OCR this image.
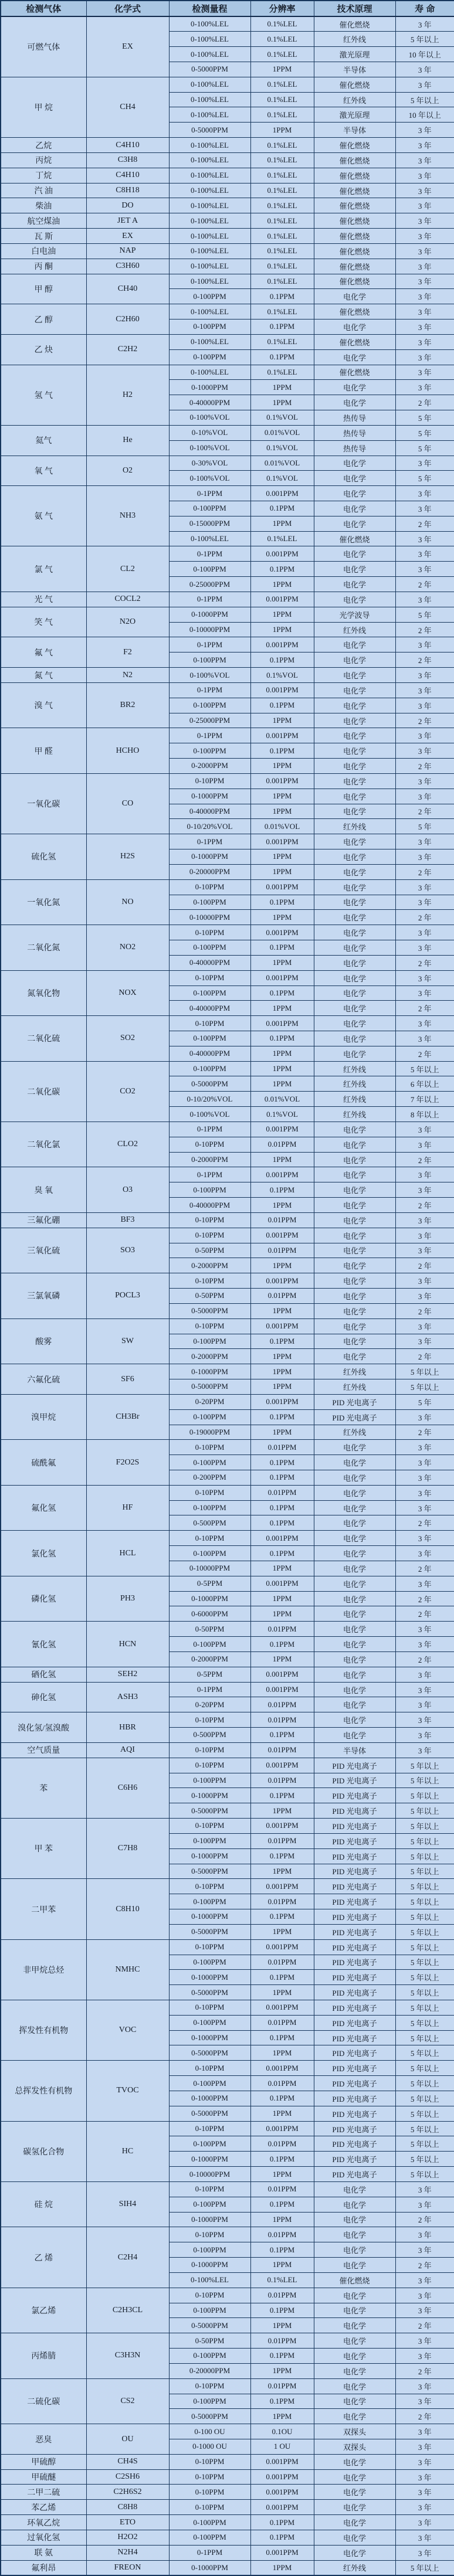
检测气体	化学式	检测量程	分辨率	技术原理	寿 命
可燃气体	EX	0-100%LEL	0.1%LEL	催化燃烧	3 年
		0-100%LEL	0.1%LEL	红外线	5 年以上
		0-100%LEL	0.1%LEL	激光原理	10 年以上
		0-5000PPM	1PPM	半导体	3 年
甲 烷	CH4	0-100%LEL	0.1%LEL	催化燃烧	3 年
		0-100%LEL	0.1%LEL	红外线	5 年以上
		0-100%LEL	0.1%LEL	激光原理	10 年以上
		0-5000PPM	1PPM	半导体	3 年
乙烷	C4H10	0-100%LEL	0.1%LEL	催化燃烧	3 年
丙烷	C3H8	0-100%LEL	0.1%LEL	催化燃烧	3 年
丁烷	C4H10	0-100%LEL	0.1%LEL	催化燃烧	3 年
汽 油	C8H18	0-100%LEL	0.1%LEL	催化燃烧	3 年
柴油	DO	0-100%LEL	0.1%LEL	催化燃烧	3 年
航空煤油	JET A	0-100%LEL	0.1%LEL	催化燃烧	3 年
瓦 斯	EX	0-100%LEL	0.1%LEL	催化燃烧	3 年
白电油	NAP	0-100%LEL	0.1%LEL	催化燃烧	3 年
丙 酮	C3H60	0-100%LEL	0.1%LEL	催化燃烧	3 年
甲 醇	CH40	0-100%LEL	0.1%LEL	催化燃烧	3 年
		0-100PPM	0.1PPM	电化学	3 年
乙 醇	C2H60	0-100%LEL	0.1%LEL	催化燃烧	3 年
		0-100PPM	0.1PPM	电化学	3 年
乙 炔	C2H2	0-100%LEL	0.1%LEL	催化燃烧	3 年
		0-100PPM	0.1PPM	电化学	3 年
氢 气	H2	0-100%LEL	0.1%LEL	催化燃烧	3 年
		0-1000PPM	1PPM	电化学	3 年
		0-40000PPM	1PPM	电化学	2 年
		0-100%VOL	0.1%VOL	热传导	5 年
氦气	He	0-10%VOL	0.01%VOL	热传导	5 年
		0-100%VOL	0.1%VOL	热传导	5 年
氧 气	O2	0-30%VOL	0.01%VOL	电化学	3 年
		0-100%VOL	0.1%VOL	电化学	5 年
氨 气	NH3	0-1PPM	0.001PPM	电化学	3 年
		0-100PPM	0.1PPM	电化学	3 年
		0-15000PPM	1PPM	电化学	2 年
		0-100%LEL	0.1%LEL	催化燃烧	3 年
氯 气	CL2	0-1PPM	0.001PPM	电化学	3 年
		0-100PPM	0.1PPM	电化学	3 年
		0-25000PPM	1PPM	电化学	2 年
光 气	COCL2	0-1PPM	0.001PPM	电化学	3 年
笑 气	N2O	0-1000PPM	1PPM	光学波导	5 年
		0-10000PPM	1PPM	红外线	2 年
氟 气	F2	0-1PPM	0.001PPM	电化学	3 年
		0-100PPM	0.1PPM	电化学	2 年
氮 气	N2	0-100%VOL	0.1%VOL	电化学	3 年
溴 气	BR2	0-1PPM	0.001PPM	电化学	3 年
		0-100PPM	0.1PPM	电化学	3 年
		0-25000PPM	1PPM	电化学	2 年
甲 醛	HCHO	0-1PPM	0.001PPM	电化学	3 年
		0-100PPM	0.1PPM	电化学	3 年
		0-2000PPM	1PPM	电化学	2 年
一氧化碳	CO	0-10PPM	0.001PPM	电化学	3 年
		0-1000PPM	1PPM	电化学	3 年
		0-40000PPM	1PPM	电化学	2 年
		0-10/20%VOL	0.01%VOL	红外线	5 年
硫化氢	H2S	0-1PPM	0.001PPM	电化学	3 年
		0-1000PPM	1PPM	电化学	3 年
		0-20000PPM	1PPM	电化学	2 年
一氧化氮	NO	0-10PPM	0.001PPM	电化学	3 年
		0-100PPM	0.1PPM	电化学	3 年
		0-10000PPM	1PPM	电化学	2 年
二氧化氮	NO2	0-10PPM	0.001PPM	电化学	3 年
		0-100PPM	0.1PPM	电化学	3 年
		0-40000PPM	1PPM	电化学	2 年
氮氧化物	NOX	0-10PPM	0.001PPM	电化学	3 年
		0-100PPM	0.1PPM	电化学	3 年
		0-40000PPM	1PPM	电化学	2 年
二氧化硫	SO2	0-10PPM	0.001PPM	电化学	3 年
		0-100PPM	0.1PPM	电化学	3 年
		0-40000PPM	1PPM	电化学	2 年
二氧化碳	CO2	0-100PPM	1PPM	红外线	5 年以上
		0-5000PPM	1PPM	红外线	6 年以上
		0-10/20%VOL	0.01%VOL	红外线	7 年以上
		0-100%VOL	0.1%VOL	红外线	8 年以上
二氧化氯	CLO2	0-1PPM	0.001PPM	电化学	3 年
		0-10PPM	0.01PPM	电化学	3 年
		0-2000PPM	1PPM	电化学	2 年
臭 氧	O3	0-1PPM	0.001PPM	电化学	3 年
		0-100PPM	0.1PPM	电化学	3 年
		0-40000PPM	1PPM	电化学	2 年
三氟化硼	BF3	0-10PPM	0.01PPM	电化学	3 年
三氧化硫	SO3	0-10PPM	0.001PPM	电化学	3 年
		0-50PPM	0.01PPM	电化学	3 年
		0-2000PPM	1PPM	电化学	2 年
三氯氧磷	POCL3	0-10PPM	0.001PPM	电化学	3 年
		0-50PPM	0.01PPM	电化学	3 年
		0-5000PPM	1PPM	电化学	2 年
酸雾	SW	0-10PPM	0.001PPM	电化学	3 年
		0-100PPM	0.1PPM	电化学	3 年
		0-2000PPM	1PPM	电化学	2 年
六氟化硫	SF6	0-1000PPM	1PPM	红外线	5 年以上
		0-5000PPM	1PPM	红外线	5 年以上
溴甲烷	CH3Br	0-20PPM	0.001PPM	PID 光电离子	5 年
		0-100PPM	0.1PPM	PID 光电离子	3 年
		0-19000PPM	1PPM	红外线	2 年
硫酰氟	F2O2S	0-10PPM	0.01PPM	电化学	3 年
		0-100PPM	0.1PPM	电化学	3 年
		0-200PPM	0.1PPM	电化学	3 年
氟化氢	HF	0-10PPM	0.01PPM	电化学	3 年
		0-100PPM	0.1PPM	电化学	3 年
		0-500PPM	0.1PPM	电化学	2 年
氯化氢	HCL	0-10PPM	0.001PPM	电化学	3 年
		0-100PPM	0.1PPM	电化学	3 年
		0-10000PPM	1PPM	电化学	2 年
磷化氢	PH3	0-5PPM	0.001PPM	电化学	3 年
		0-1000PPM	1PPM	电化学	2 年
		0-6000PPM	1PPM	电化学	2 年
氰化氢	HCN	0-50PPM	0.01PPM	电化学	3 年
		0-100PPM	0.1PPM	电化学	3 年
		0-2000PPM	1PPM	电化学	2 年
硒化氢	SEH2	0-5PPM	0.001PPM	电化学	3 年
砷化氢	ASH3	0-1PPM	0.001PPM	电化学	3 年
		0-20PPM	0.01PPM	电化学	3 年
溴化氢/氢溴酸	HBR	0-10PPM	0.01PPM	电化学	3 年
		0-500PPM	0.1PPM	电化学	3 年
空气质量	AQI	0-10PPM	0.01PPM	半导体	3 年
苯	C6H6	0-10PPM	0.001PPM	PID 光电离子	5 年以上
		0-100PPM	0.01PPM	PID 光电离子	5 年以上
		0-1000PPM	0.1PPM	PID 光电离子	5 年以上
		0-5000PPM	1PPM	PID 光电离子	5 年以上
甲 苯	C7H8	0-10PPM	0.001PPM	PID 光电离子	5 年以上
		0-100PPM	0.01PPM	PID 光电离子	5 年以上
		0-1000PPM	0.1PPM	PID 光电离子	5 年以上
		0-5000PPM	1PPM	PID 光电离子	5 年以上
二甲苯	C8H10	0-10PPM	0.001PPM	PID 光电离子	5 年以上
		0-100PPM	0.01PPM	PID 光电离子	5 年以上
		0-1000PPM	0.1PPM	PID 光电离子	5 年以上
		0-5000PPM	1PPM	PID 光电离子	5 年以上
非甲烷总烃	NMHC	0-10PPM	0.001PPM	PID 光电离子	5 年以上
		0-100PPM	0.01PPM	PID 光电离子	5 年以上
		0-1000PPM	0.1PPM	PID 光电离子	5 年以上
		0-5000PPM	1PPM	PID 光电离子	5 年以上
挥发性有机物	VOC	0-10PPM	0.001PPM	PID 光电离子	5 年以上
		0-100PPM	0.01PPM	PID 光电离子	5 年以上
		0-1000PPM	0.1PPM	PID 光电离子	5 年以上
		0-5000PPM	1PPM	PID 光电离子	5 年以上
总挥发性有机物	TVOC	0-10PPM	0.001PPM	PID 光电离子	5 年以上
		0-100PPM	0.01PPM	PID 光电离子	5 年以上
		0-1000PPM	0.1PPM	PID 光电离子	5 年以上
		0-5000PPM	1PPM	PID 光电离子	5 年以上
碳氢化合物	HC	0-10PPM	0.001PPM	PID 光电离子	5 年以上
		0-100PPM	0.01PPM	PID 光电离子	5 年以上
		0-1000PPM	0.1PPM	PID 光电离子	5 年以上
		0-10000PPM	1PPM	PID 光电离子	5 年以上
硅 烷	SIH4	0-10PPM	0.01PPM	电化学	3 年
		0-100PPM	0.1PPM	电化学	3 年
		0-1000PPM	1PPM	电化学	2 年
乙 烯	C2H4	0-10PPM	0.01PPM	电化学	3 年
		0-100PPM	0.1PPM	电化学	3 年
		0-1000PPM	1PPM	电化学	2 年
		0-100%LEL	0.1%LEL	催化燃烧	3 年
氯乙烯	C2H3CL	0-10PPM	0.01PPM	电化学	3 年
		0-100PPM	0.1PPM	电化学	3 年
		0-5000PPM	1PPM	电化学	2 年
丙烯腈	C3H3N	0-50PPM	0.01PPM	电化学	3 年
		0-100PPM	0.1PPM	电化学	3 年
		0-20000PPM	1PPM	电化学	2 年
二硫化碳	CS2	0-10PPM	0.01PPM	电化学	3 年
		0-100PPM	0.1PPM	电化学	3 年
		0-5000PPM	1PPM	电化学	2 年
恶臭	OU	0-100 OU	0.1OU	双探头	3 年
		0-1000 OU	1 OU	双探头	3 年
甲硫醇	CH4S	0-10PPM	0.001PPM	电化学	3 年
甲硫醚	C2SH6	0-10PPM	0.001PPM	电化学	3 年
二甲二硫	C2H6S2	0-10PPM	0.001PPM	电化学	3 年
苯乙烯	C8H8	0-10PPM	0.001PPM	电化学	3 年
环氧乙烷	ETO	0-100PPM	0.1PPM	电化学	3 年
过氧化氢	H2O2	0-100PPM	0.1PPM	电化学	3 年
联 氨	N2H4	0-1PPM	0.001PPM	电化学	3 年
氟利昂	FREON	0-1000PPM	1PPM	红外线	5 年以上
